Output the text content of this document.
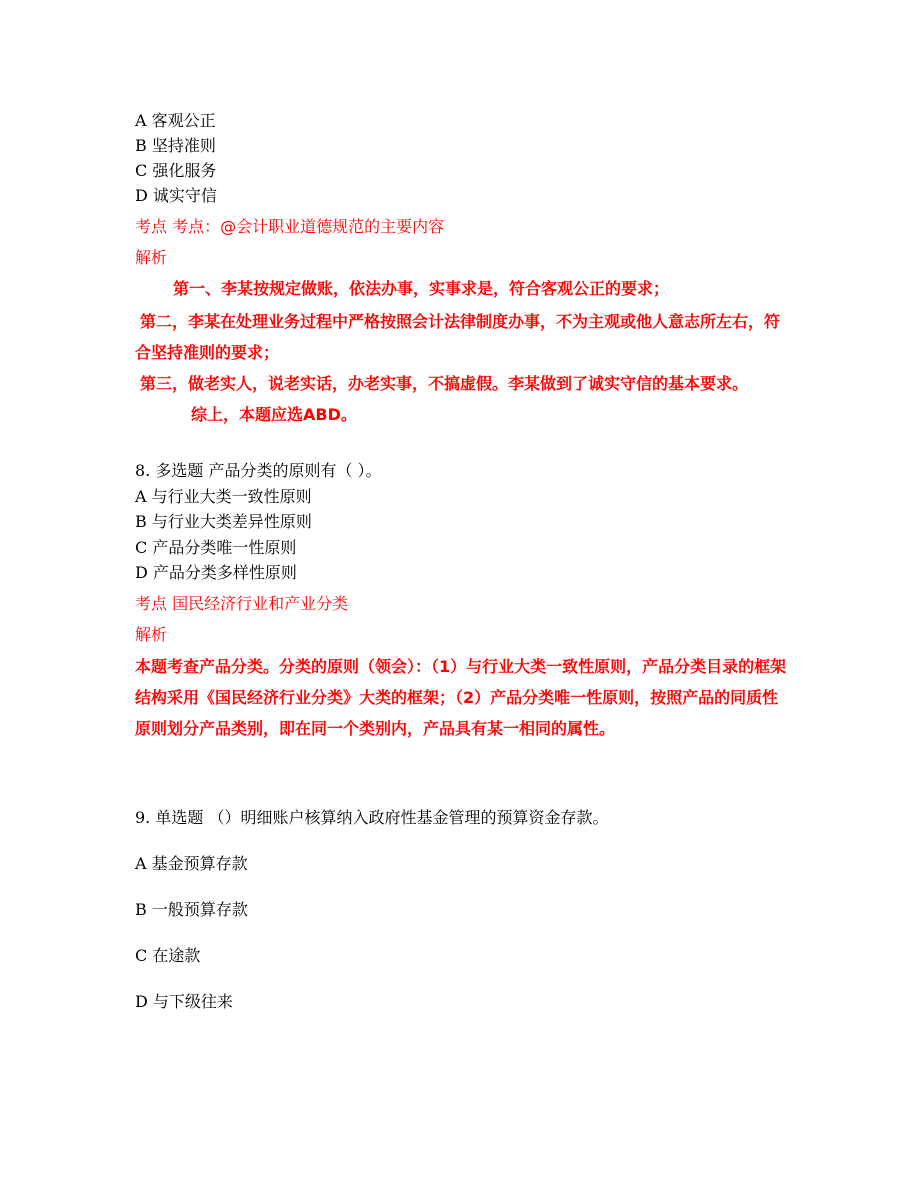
A 客观公正
B 坚持准则
C 强化服务
D 诚实守信
考点 考点：@会计职业道德规范的主要内容
解析
第一、李某按规定做账，依法办事，实事求是，符合客观公正的要求；
第二，李某在处理业务过程中严格按照会计法律制度办事，不为主观或他人意志所左右，符合坚持准则的要求；
第三，做老实人，说老实话，办老实事，不搞虚假。李某做到了诚实守信的基本要求。综上，本题应选ABD。
8. 多选题 产品分类的原则有（ ）。
A 与行业大类一致性原则
B 与行业大类差异性原则
C 产品分类唯一性原则
D 产品分类多样性原则
考点 国民经济行业和产业分类
解析
本题考查产品分类。分类的原则（领会）：（1）与行业大类一致性原则，产品分类目录的框架结构采用《国民经济行业分类》大类的框架；（2）产品分类唯一性原则，按照产品的同质性原则划分产品类别，即在同一个类别内，产品具有某一相同的属性。
9. 单选题 （）明细账户核算纳入政府性基金管理的预算资金存款。
A 基金预算存款
B 一般预算存款
C 在途款
D 与下级往来
